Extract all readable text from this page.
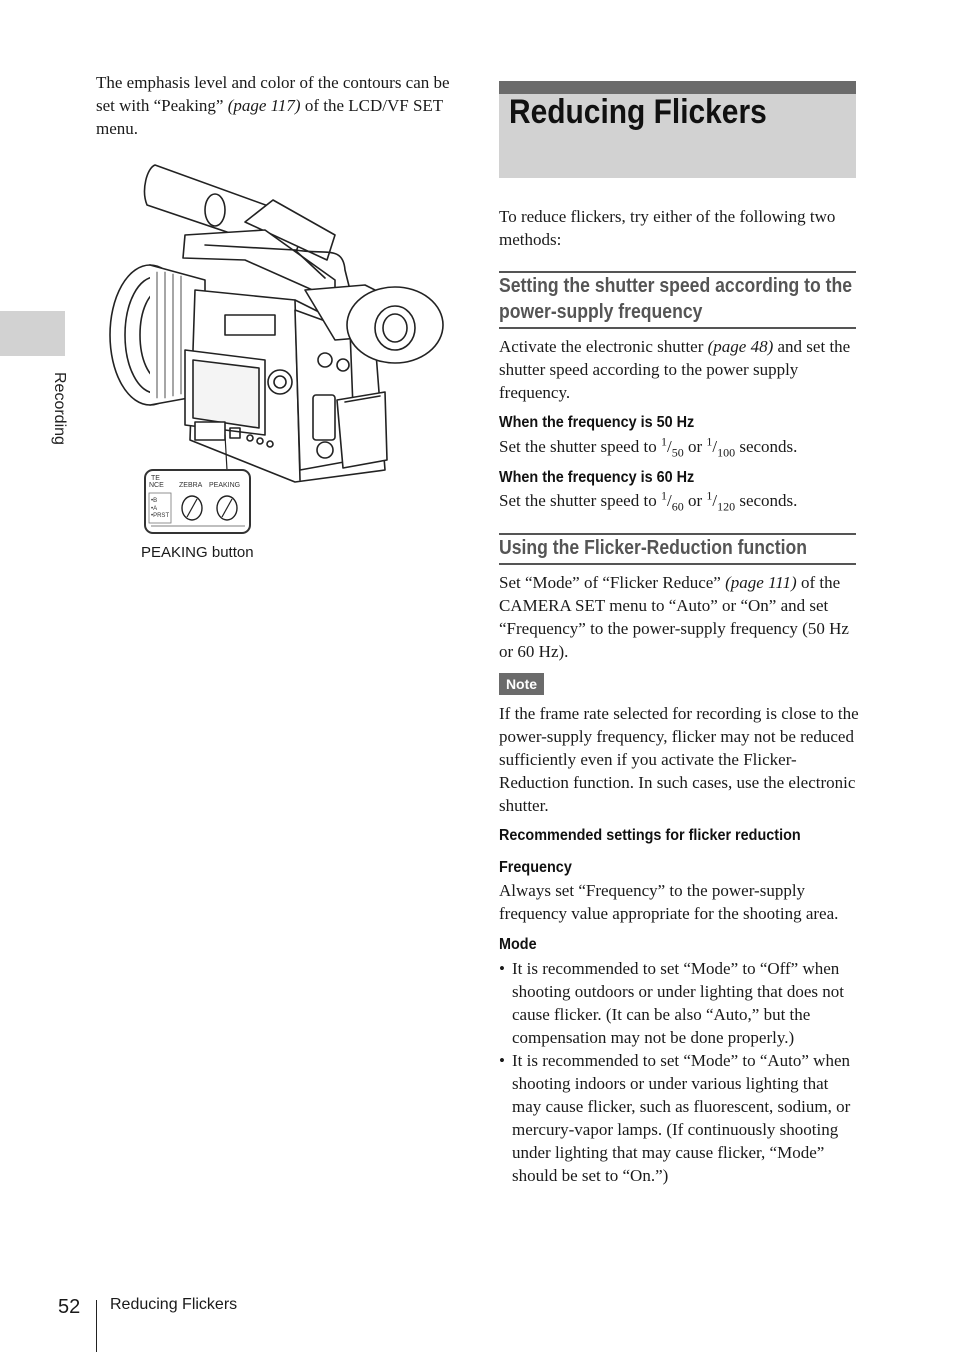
Recording

The emphasis level and color of the contours can be set with “Peaking” (page 117) of the LCD/VF SET menu.

TE
NCE ZEBRA PEAKING
•B
•A
•PRST
PEAKING button
Reducing Flickers

To reduce flickers, try either of the following two methods:

Setting the shutter speed according to the power-supply frequency

Activate the electronic shutter (page 48) and set the shutter speed according to the power supply frequency.

When the frequency is 50 Hz

Set the shutter speed to $^1/_{50}$ or $^1/_{100}$ seconds.

When the frequency is 60 Hz

Set the shutter speed to $^1/_{60}$ or $^1/_{120}$ seconds.

Using the Flicker-Reduction function

Set “Mode” of “Flicker Reduce” (page 111) of the CAMERA SET menu to “Auto” or “On” and set “Frequency” to the power-supply frequency (50 Hz or 60 Hz).

Note

If the frame rate selected for recording is close to the power-supply frequency, flicker may not be reduced sufficiently even if you activate the Flicker-Reduction function. In such cases, use the electronic shutter.

Recommended settings for flicker reduction
Frequency

Always set “Frequency” to the power-supply frequency value appropriate for the shooting area.

Mode
• It is recommended to set “Mode” to “Off” when shooting outdoors or under lighting that does not cause flicker. (It can be also “Auto,” but the compensation may not be done properly.)
• It is recommended to set “Mode” to “Auto” when shooting indoors or under various lighting that may cause flicker, such as fluorescent, sodium, or mercury-vapor lamps. (If continuously shooting under lighting that may cause flicker, “Mode” should be set to “On.”)
52 Reducing Flickers
